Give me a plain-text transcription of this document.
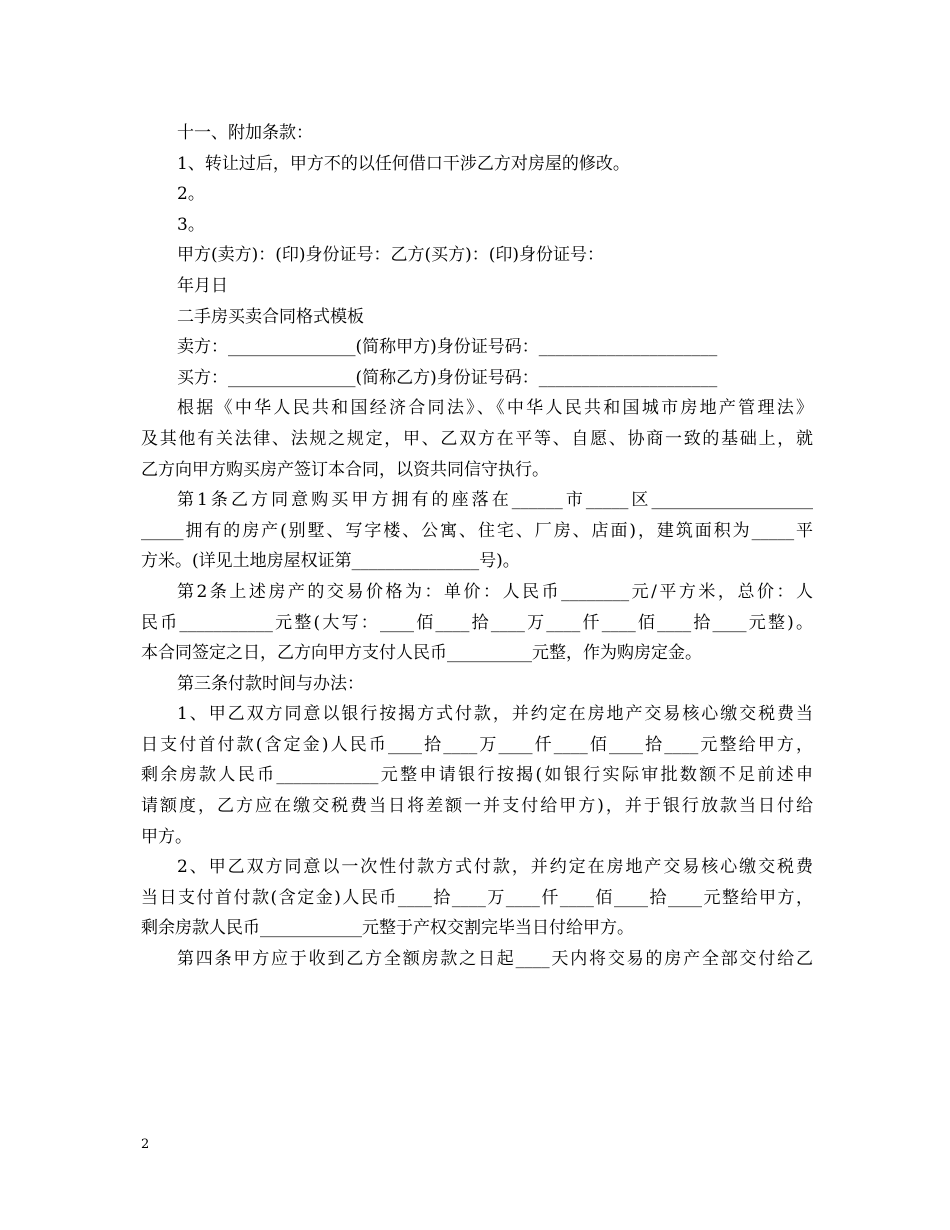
十一、附加条款：
1、转让过后，甲方不的以任何借口干涉乙方对房屋的修改。
2。
3。
甲方(卖方)：(印)身份证号：乙方(买方)：(印)身份证号：
年月日
二手房买卖合同格式模板
卖方：_______________(简称甲方)身份证号码：_____________________
买方：_______________(简称乙方)身份证号码：_____________________
根据《中华人民共和国经济合同法》、《中华人民共和国城市房地产管理法》
及其他有关法律、法规之规定，甲、乙双方在平等、自愿、协商一致的基础上，就
乙方向甲方购买房产签订本合同，以资共同信守执行。
第1条乙方同意购买甲方拥有的座落在______市_____区___________________
_____拥有的房产(别墅、写字楼、公寓、住宅、厂房、店面)，建筑面积为_____平
方米。(详见土地房屋权证第_______________号)。
第2条上述房产的交易价格为：单价：人民币________元/平方米，总价：人
民币___________元整(大写：____佰____拾____万____仟____佰____拾____元整)。
本合同签定之日，乙方向甲方支付人民币__________元整，作为购房定金。
第三条付款时间与办法：
1、甲乙双方同意以银行按揭方式付款，并约定在房地产交易核心缴交税费当
日支付首付款(含定金)人民币____拾____万____仟____佰____拾____元整给甲方，
剩余房款人民币____________元整申请银行按揭(如银行实际审批数额不足前述申
请额度，乙方应在缴交税费当日将差额一并支付给甲方)，并于银行放款当日付给
甲方。
2、甲乙双方同意以一次性付款方式付款，并约定在房地产交易核心缴交税费
当日支付首付款(含定金)人民币____拾____万____仟____佰____拾____元整给甲方，
剩余房款人民币____________元整于产权交割完毕当日付给甲方。
第四条甲方应于收到乙方全额房款之日起____天内将交易的房产全部交付给乙
2
